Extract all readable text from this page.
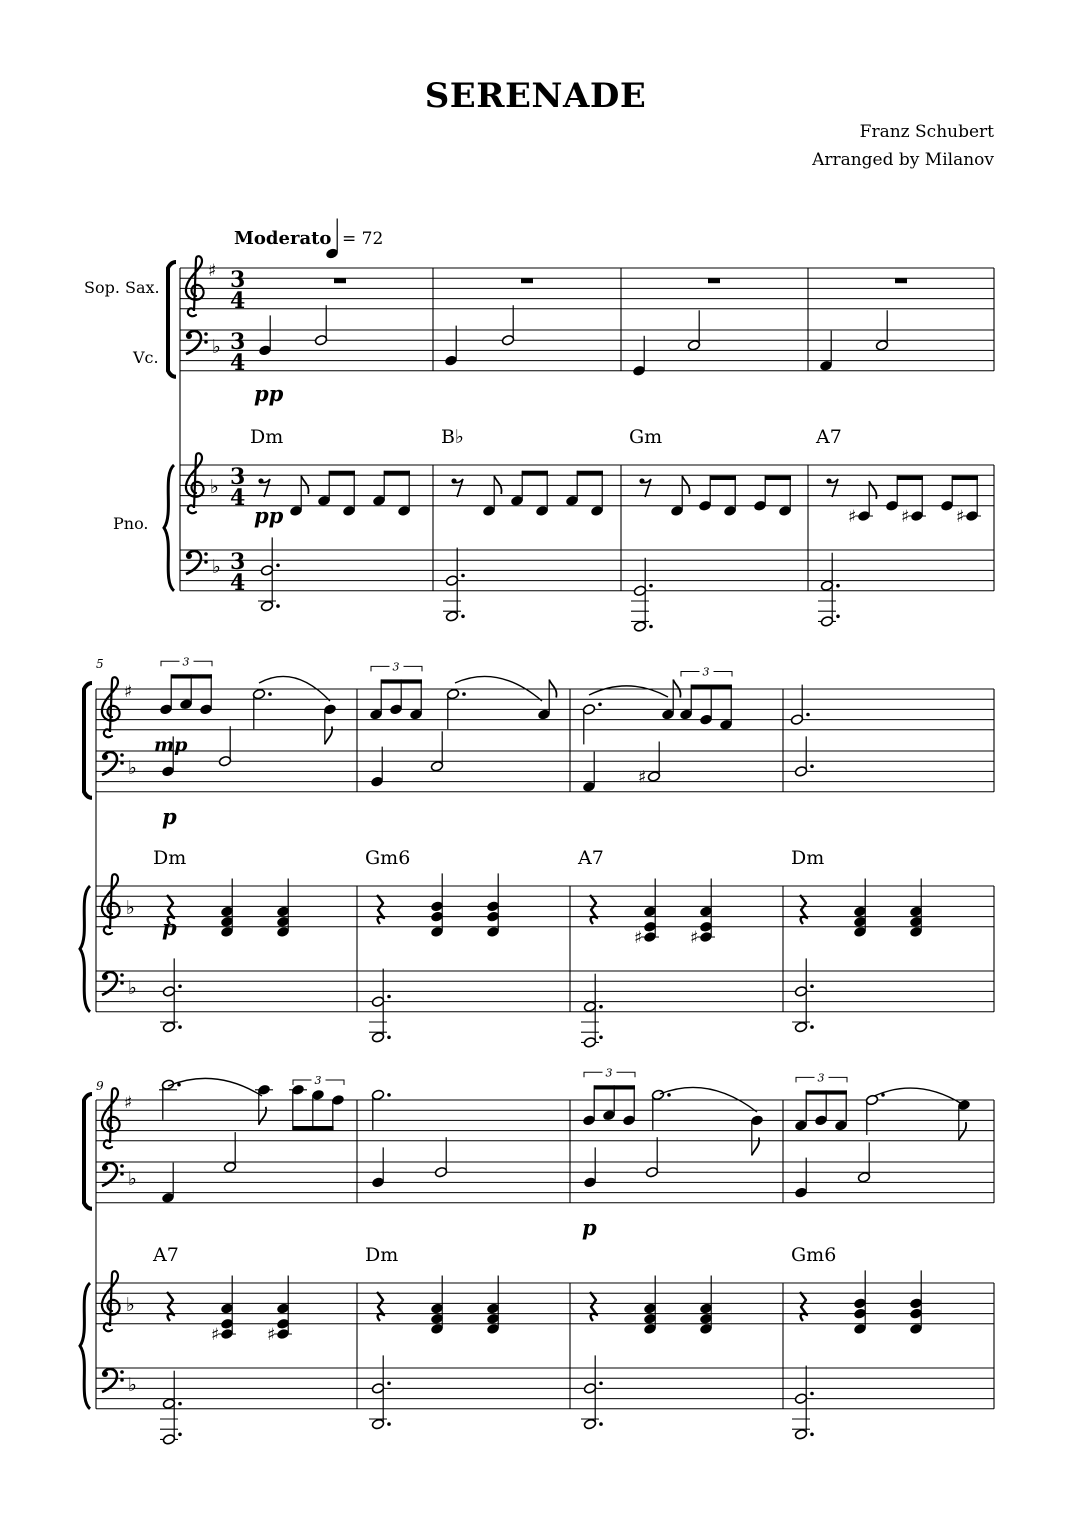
SERENADE
Franz Schubert
Arranged by Milanov
♯
♭
♭
♭
3
4
3
4
3
4
3
4
Dm	B♭	Gm	A7
Sop. Sax.
Vc.
Pno.
Moderato = 72
pp
♯	♯	♯
pp
♯
♭
♭
♭
Dm	Gm6	A7	Dm
5	3
mp
3	3
♯
p
♯	♯
p
♯
♭
♭
♭
A7	Dm	Gm6
9	3
3	3
p
♯	♯
